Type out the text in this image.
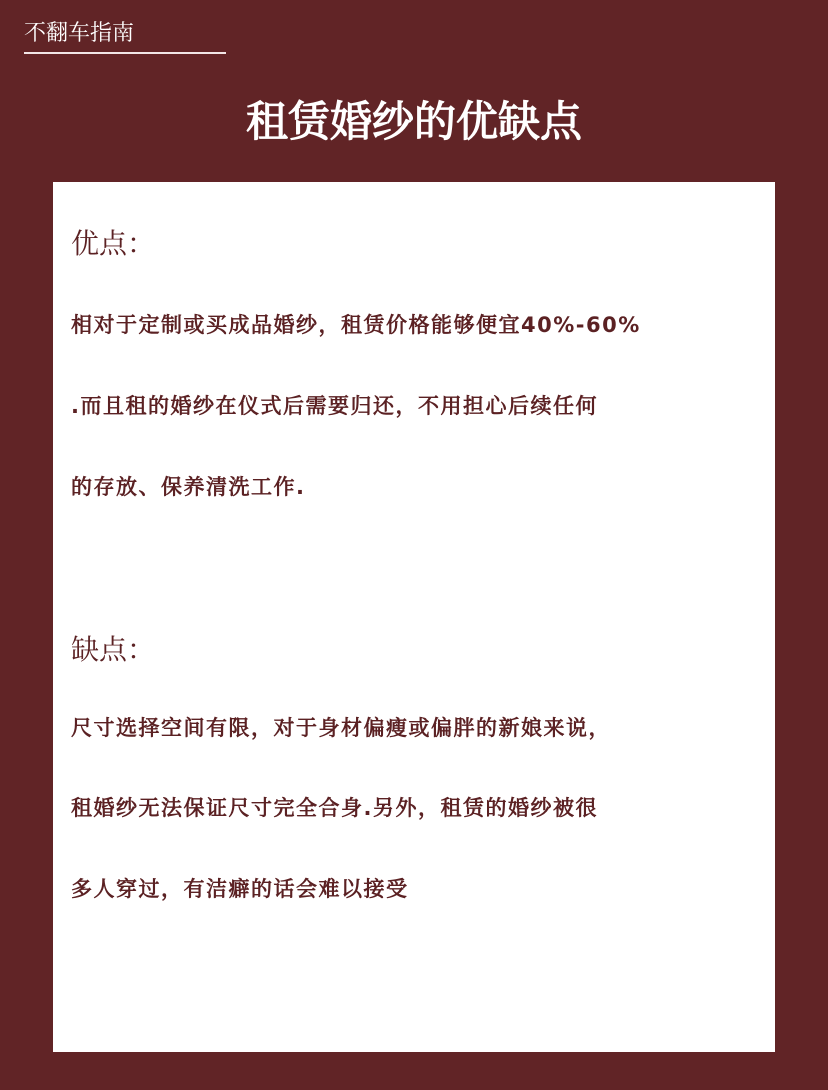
不翻车指南
租赁婚纱的优缺点
优点：
相对于定制或买成品婚纱，租赁价格能够便宜40%-60%
.而且租的婚纱在仪式后需要归还，不用担心后续任何
的存放、保养清洗工作.
缺点：
尺寸选择空间有限，对于身材偏瘦或偏胖的新娘来说，
租婚纱无法保证尺寸完全合身.另外，租赁的婚纱被很
多人穿过，有洁癖的话会难以接受
